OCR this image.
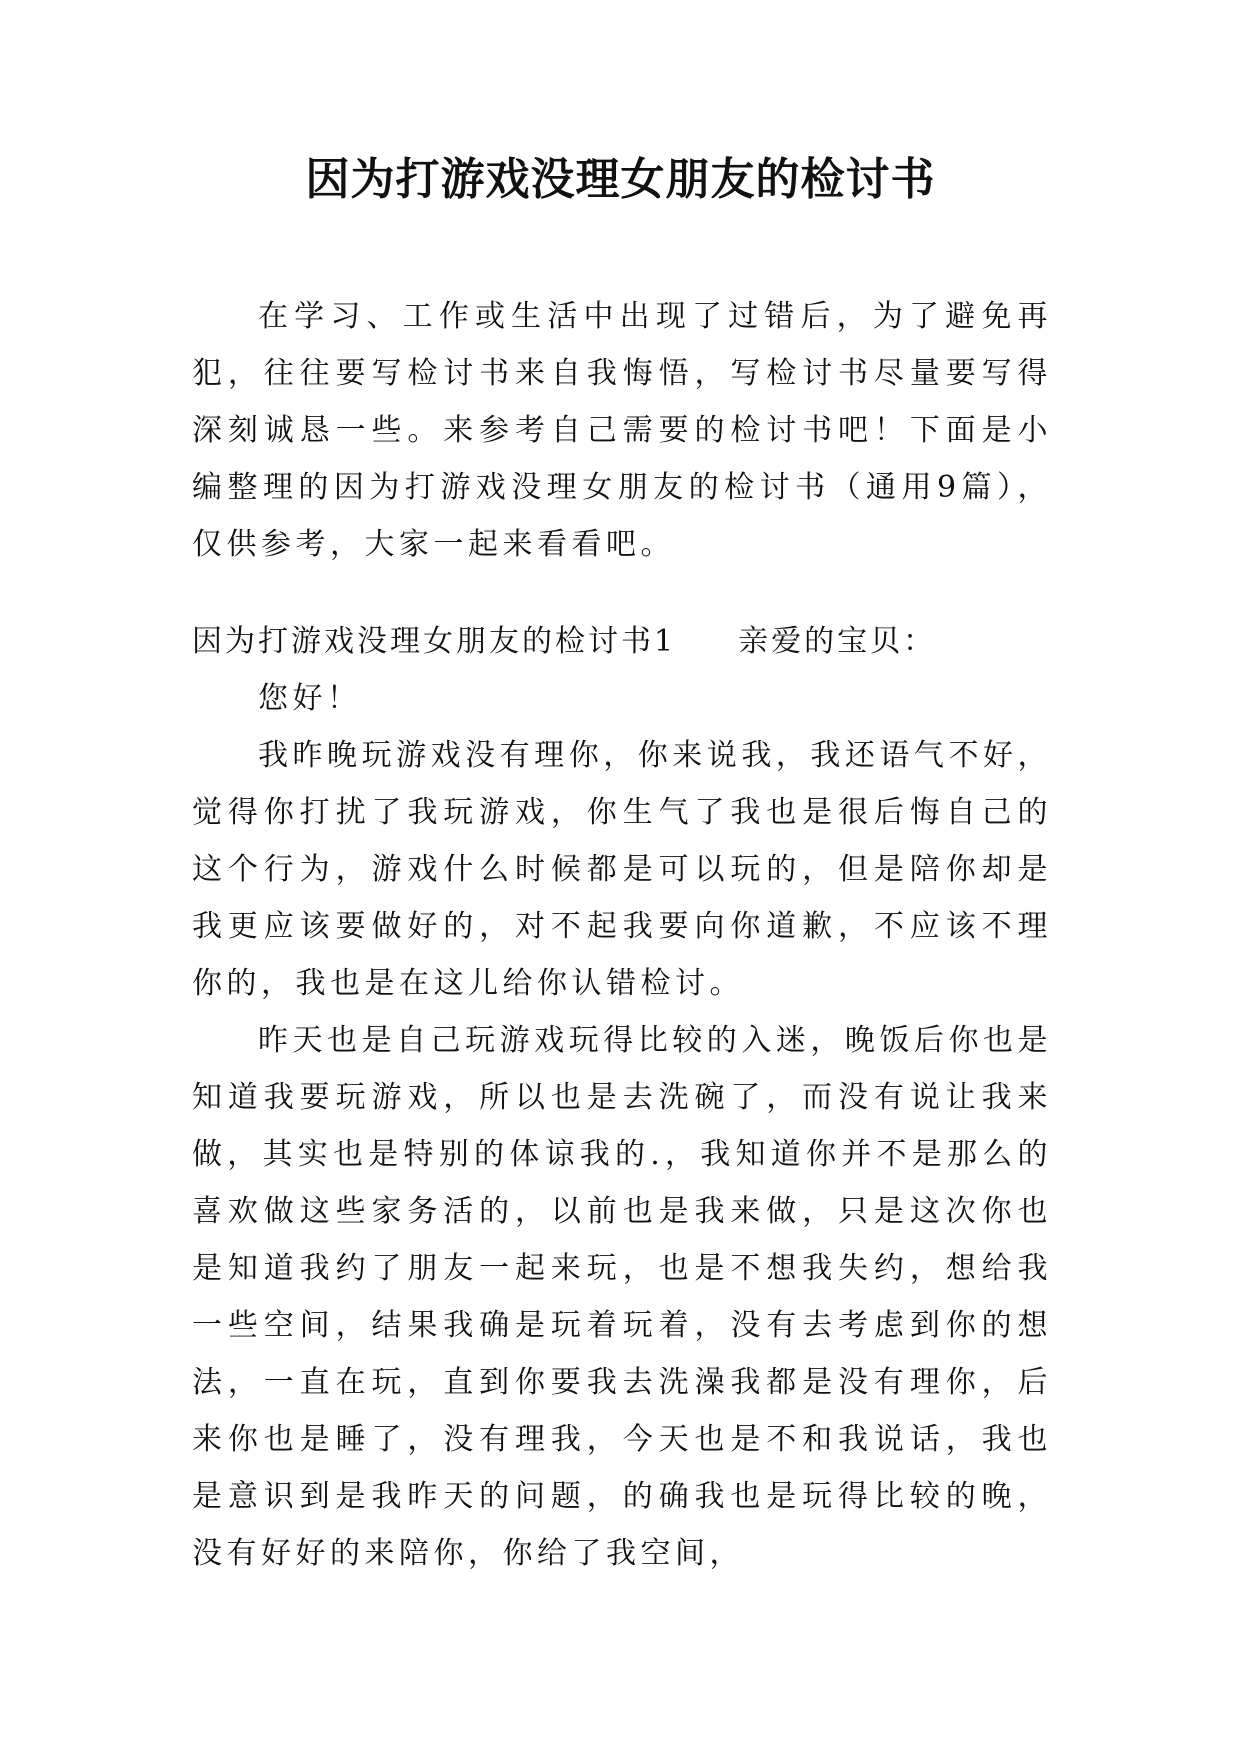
因为打游戏没理女朋友的检讨书

在学习、工作或生活中出现了过错后，为了避免再犯，往往要写检讨书来自我悔悟，写检讨书尽量要写得深刻诚恳一些。来参考自己需要的检讨书吧！下面是小编整理的因为打游戏没理女朋友的检讨书（通用9篇），仅供参考，大家一起来看看吧。

因为打游戏没理女朋友的检讨书1 亲爱的宝贝：

您好！

我昨晚玩游戏没有理你，你来说我，我还语气不好，觉得你打扰了我玩游戏，你生气了我也是很后悔自己的这个行为，游戏什么时候都是可以玩的，但是陪你却是我更应该要做好的，对不起我要向你道歉，不应该不理你的，我也是在这儿给你认错检讨。

昨天也是自己玩游戏玩得比较的入迷，晚饭后你也是知道我要玩游戏，所以也是去洗碗了，而没有说让我来做，其实也是特别的体谅我的.，我知道你并不是那么的喜欢做这些家务活的，以前也是我来做，只是这次你也是知道我约了朋友一起来玩，也是不想我失约，想给我一些空间，结果我确是玩着玩着，没有去考虑到你的想法，一直在玩，直到你要我去洗澡我都是没有理你，后来你也是睡了，没有理我，今天也是不和我说话，我也是意识到是我昨天的问题，的确我也是玩得比较的晚，没有好好的来陪你，你给了我空间，
